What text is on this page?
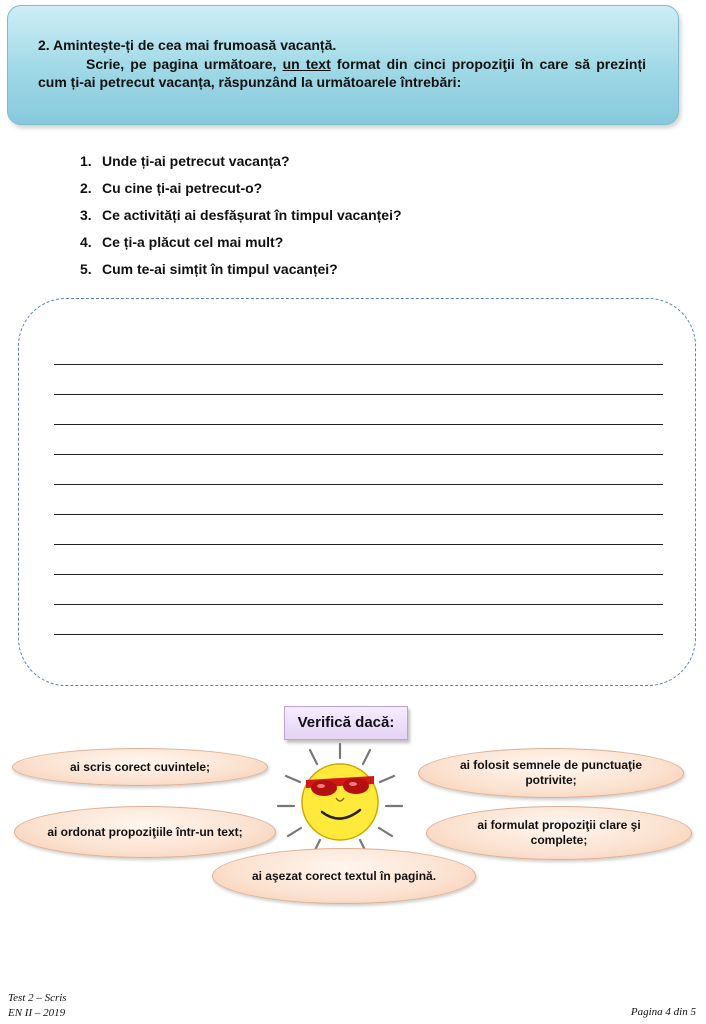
2. Amintește-ți de cea mai frumoasă vacanță.
Scrie, pe pagina următoare, un text format din cinci propoziţii în care să prezinți cum ți-ai petrecut vacanța, răspunzând la următoarele întrebări:
1. Unde ți-ai petrecut vacanța?
2. Cu cine ți-ai petrecut-o?
3. Ce activități ai desfășurat în timpul vacanței?
4. Ce ți-a plăcut cel mai mult?
5. Cum te-ai simțit în timpul vacanței?
Verifică dacă:
ai scris corect cuvintele;	ai folosit semnele de punctuaţie potrivite;
ai ordonat propoziţiile într-un text;	ai formulat propoziţii clare şi complete;
ai aşezat corect textul în pagină.
Test 2 – Scris
EN II – 2019	Pagina 4 din 5
